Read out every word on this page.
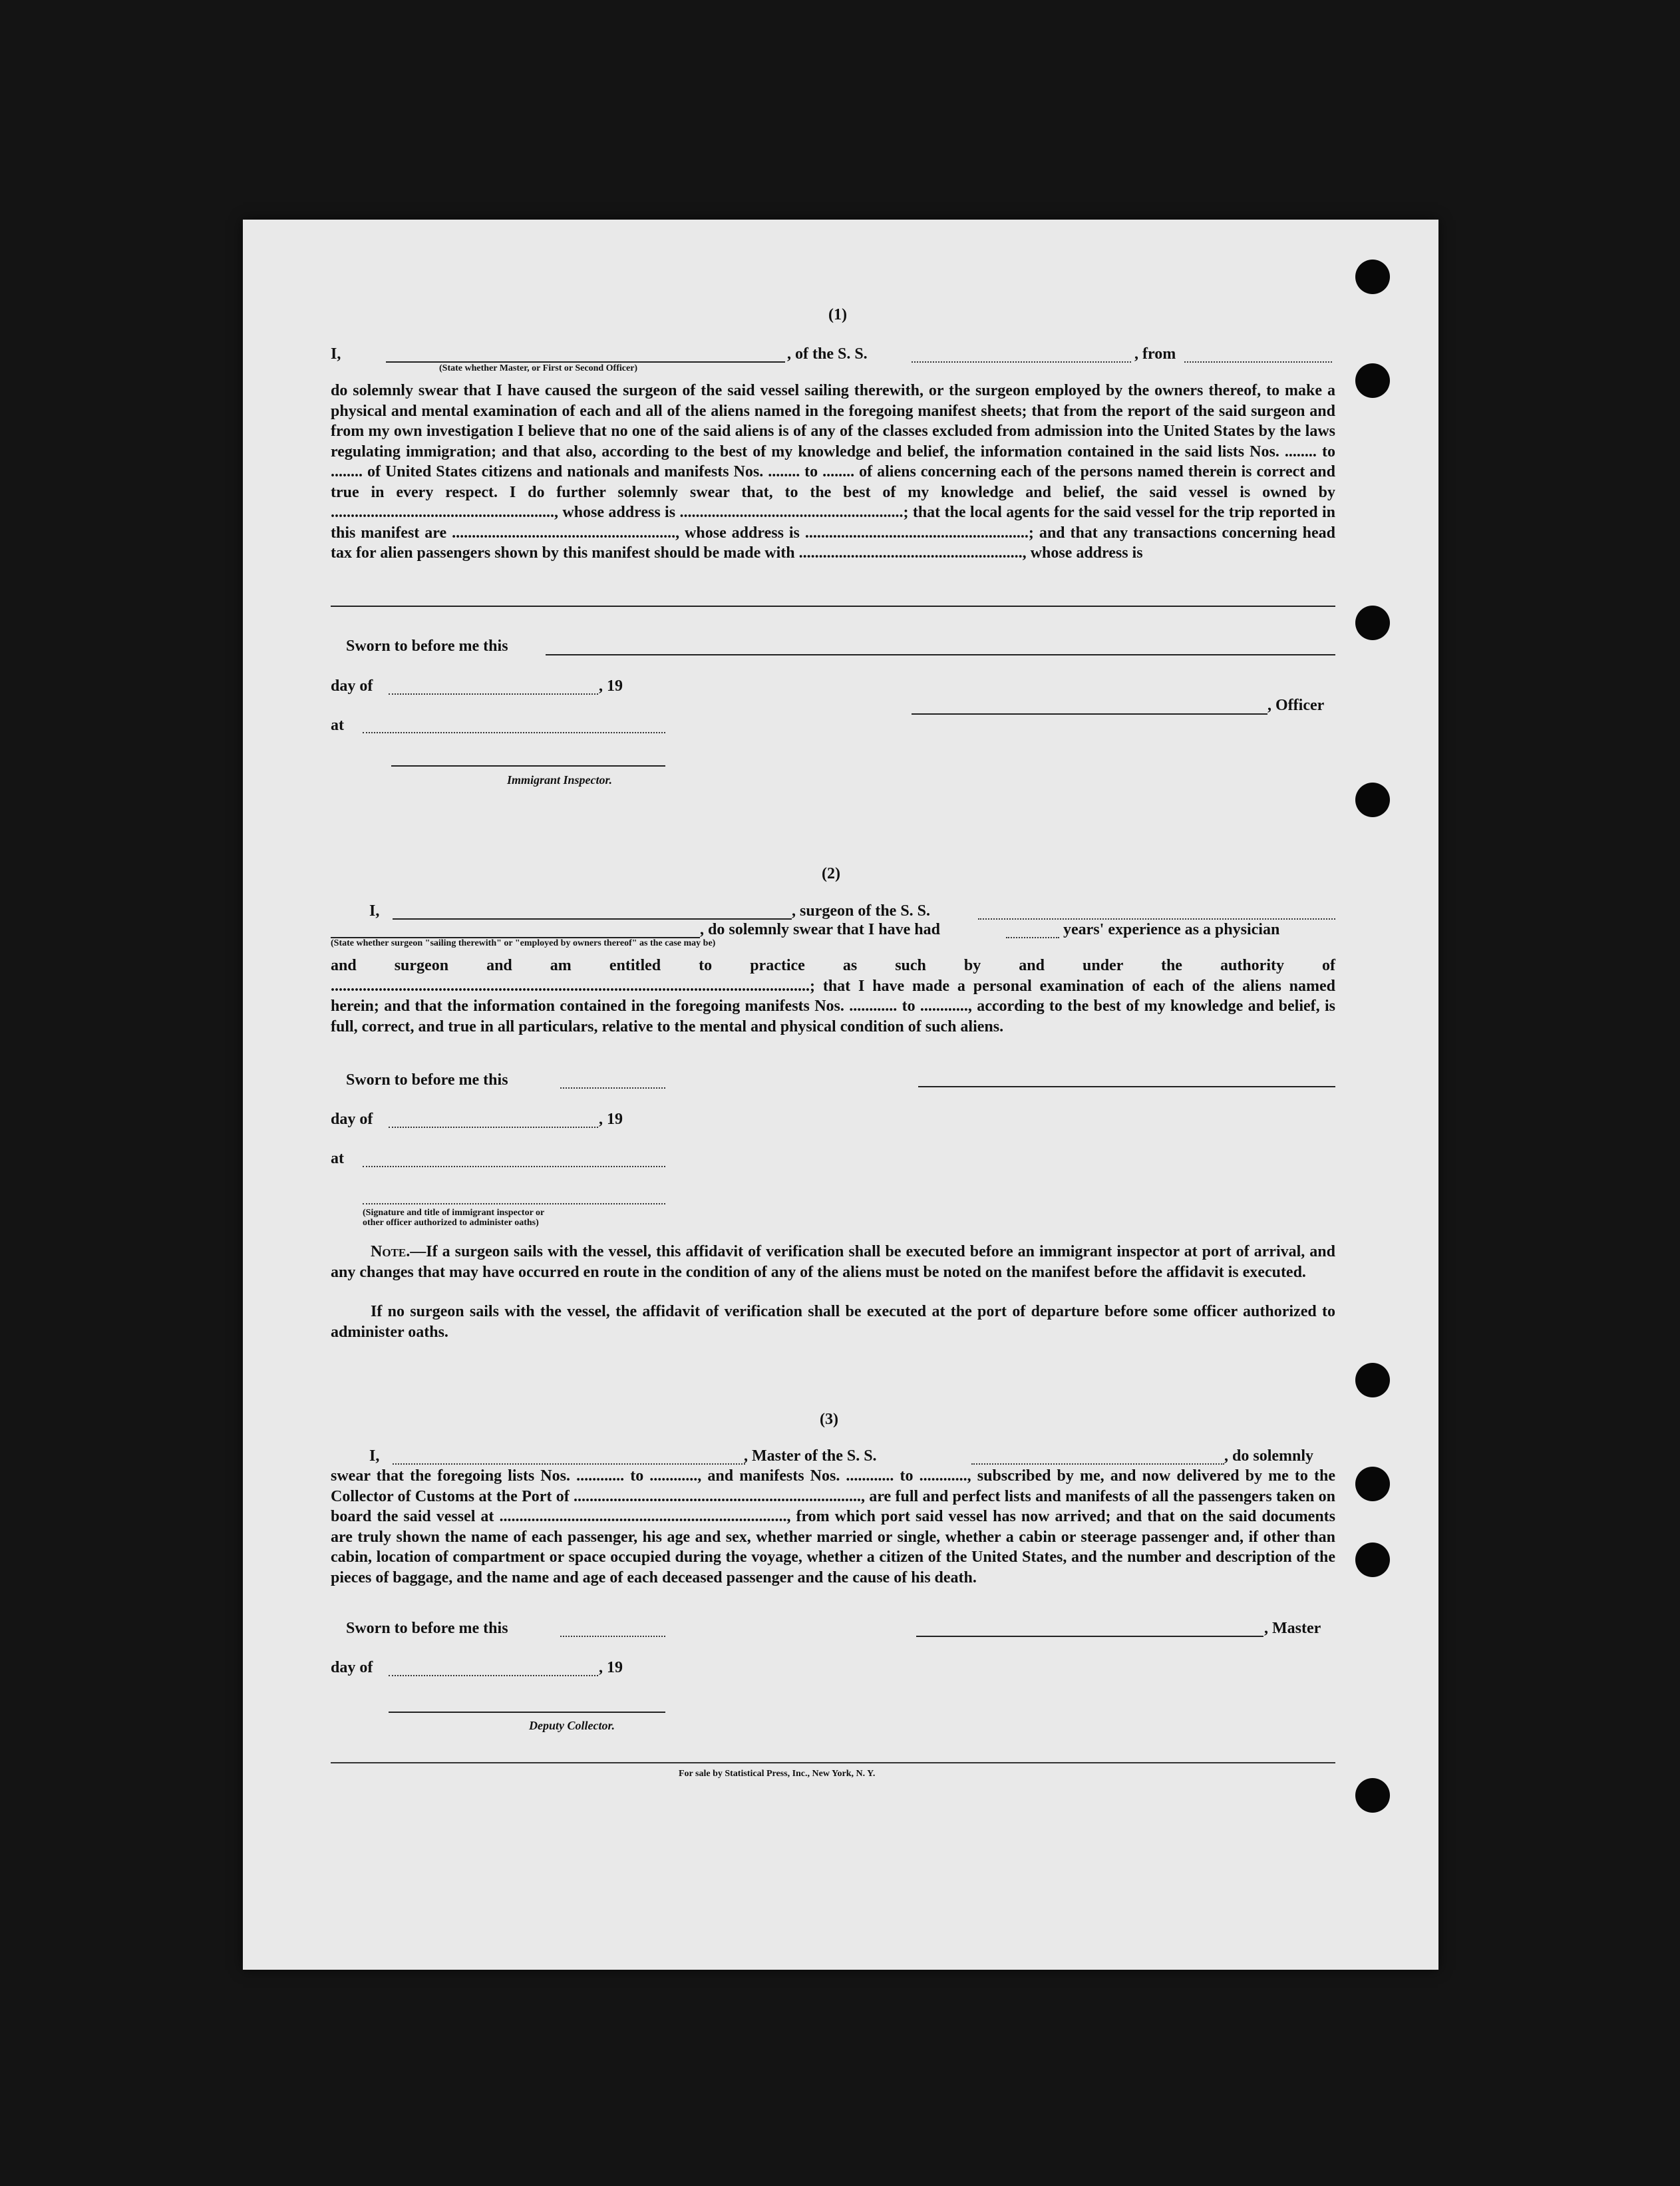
(1)
I,	, of the S. S.	, from
(State whether Master, or First or Second Officer)
do solemnly swear that I have caused the surgeon of the said vessel sailing therewith, or the surgeon employed by the owners thereof, to make a physical and mental examination of each and all of the aliens named in the foregoing manifest sheets; that from the report of the said surgeon and from my own investigation I believe that no one of the said aliens is of any of the classes excluded from admission into the United States by the laws regulating immigration; and that also, according to the best of my knowledge and belief, the information contained in the said lists Nos. ........ to ........ of United States citizens and nationals and manifests Nos. ........ to ........ of aliens concerning each of the persons named therein is correct and true in every respect. I do further solemnly swear that, to the best of my knowledge and belief, the said vessel is owned by ........................................................, whose address is ........................................................; that the local agents for the said vessel for the trip reported in this manifest are ........................................................, whose address is ........................................................; and that any transactions concerning head tax for alien passengers shown by this manifest should be made with ........................................................, whose address is
Sworn to before me this
day of	, 19
, Officer
at
Immigrant Inspector.
(2)
I,	, surgeon of the S. S.
, do solemnly swear that I have had	years' experience as a physician
(State whether surgeon "sailing therewith" or "employed by owners thereof" as the case may be)
and surgeon and am entitled to practice as such by and under the authority of ........................................................................................................................; that I have made a personal examination of each of the aliens named herein; and that the information contained in the foregoing manifests Nos. ............ to ............, according to the best of my knowledge and belief, is full, correct, and true in all particulars, relative to the mental and physical condition of such aliens.
Sworn to before me this
day of	, 19
at
(Signature and title of immigrant inspector or
other officer authorized to administer oaths)
Note.—If a surgeon sails with the vessel, this affidavit of verification shall be executed before an immigrant inspector at port of arrival, and any changes that may have occurred en route in the condition of any of the aliens must be noted on the manifest before the affidavit is executed.
If no surgeon sails with the vessel, the affidavit of verification shall be executed at the port of departure before some officer authorized to administer oaths.
(3)
I,	, Master of the S. S.	, do solemnly
swear that the foregoing lists Nos. ............ to ............, and manifests Nos. ............ to ............, subscribed by me, and now delivered by me to the Collector of Customs at the Port of ........................................................................, are full and perfect lists and manifests of all the passengers taken on board the said vessel at ........................................................................, from which port said vessel has now arrived; and that on the said documents are truly shown the name of each passenger, his age and sex, whether married or single, whether a cabin or steerage passenger and, if other than cabin, location of compartment or space occupied during the voyage, whether a citizen of the United States, and the number and description of the pieces of baggage, and the name and age of each deceased passenger and the cause of his death.
Sworn to before me this	, Master
day of	, 19
Deputy Collector.
For sale by Statistical Press, Inc., New York, N. Y.
